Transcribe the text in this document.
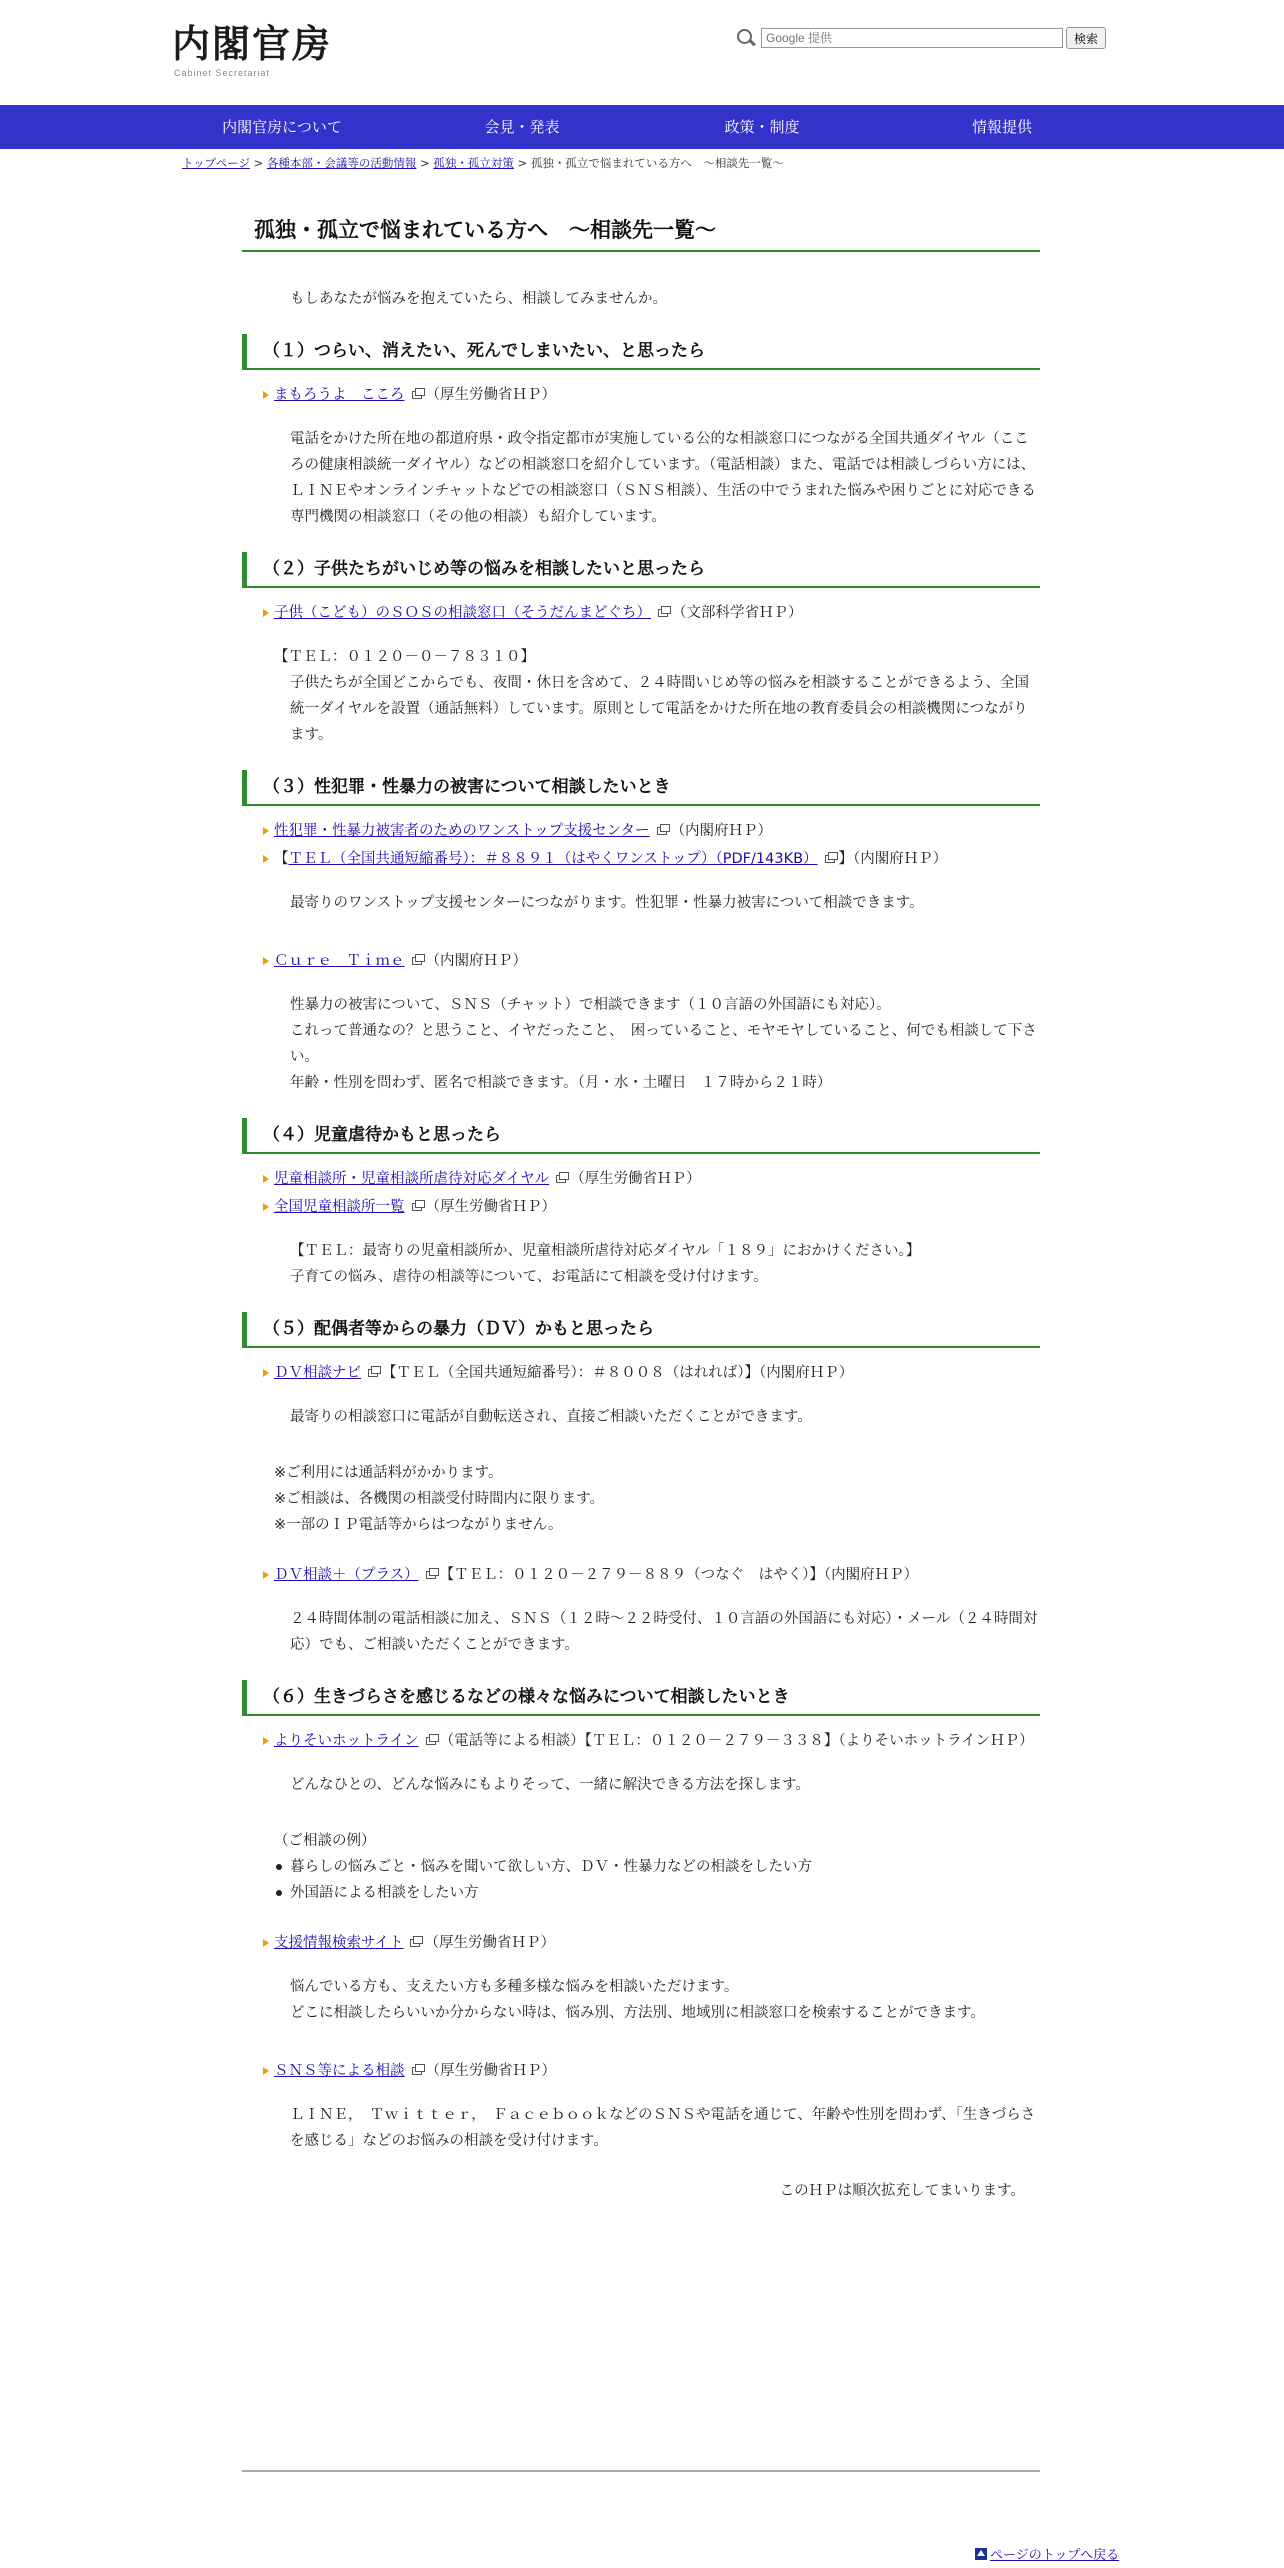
内閣官房
Cabinet Secretariat
Google 提供
検索
内閣官房について	会見・発表	政策・制度	情報提供
トップページ > 各種本部・会議等の活動情報 > 孤独・孤立対策 > 孤独・孤立で悩まれている方へ　～相談先一覧～
孤独・孤立で悩まれている方へ　～相談先一覧～

もしあなたが悩みを抱えていたら、相談してみませんか。

（１）つらい、消えたい、死んでしまいたい、と思ったら
まもろうよ　こころ （厚生労働省ＨＰ）

電話をかけた所在地の都道府県・政令指定都市が実施している公的な相談窓口につながる全国共通ダイヤル（こころの健康相談統一ダイヤル）などの相談窓口を紹介しています。（電話相談）また、電話では相談しづらい方には、ＬＩＮＥやオンラインチャットなどでの相談窓口（ＳＮＳ相談）、生活の中でうまれた悩みや困りごとに対応できる専門機関の相談窓口（その他の相談）も紹介しています。

（２）子供たちがいじめ等の悩みを相談したいと思ったら
子供（こども）のＳＯＳの相談窓口（そうだんまどぐち） （文部科学省ＨＰ）
【ＴＥＬ：０１２０－０－７８３１０】
子供たちが全国どこからでも、夜間・休日を含めて、２４時間いじめ等の悩みを相談することができるよう、全国統一ダイヤルを設置（通話無料）しています。原則として電話をかけた所在地の教育委員会の相談機関につながります。
（３）性犯罪・性暴力の被害について相談したいとき
性犯罪・性暴力被害者のためのワンストップ支援センター （内閣府ＨＰ）
【ＴＥＬ（全国共通短縮番号）：＃８８９１（はやくワンストップ）（PDF/143KB） 】（内閣府ＨＰ）

最寄りのワンストップ支援センターにつながります。性犯罪・性暴力被害について相談できます。

Ｃｕｒｅ　Ｔｉｍｅ （内閣府ＨＰ）
性暴力の被害について、ＳＮＳ（チャット）で相談できます（１０言語の外国語にも対応）。
これって普通なの？と思うこと、イヤだったこと、　困っていること、モヤモヤしていること、何でも相談して下さい。
年齢・性別を問わず、匿名で相談できます。（月・水・土曜日　１７時から２１時）
（４）児童虐待かもと思ったら
児童相談所・児童相談所虐待対応ダイヤル （厚生労働省ＨＰ）
全国児童相談所一覧 （厚生労働省ＨＰ）
【ＴＥＬ：最寄りの児童相談所か、児童相談所虐待対応ダイヤル「１８９」におかけください。】
子育ての悩み、虐待の相談等について、お電話にて相談を受け付けます。
（５）配偶者等からの暴力（ＤＶ）かもと思ったら
ＤＶ相談ナビ 【ＴＥＬ（全国共通短縮番号）：＃８００８（はれれば）】（内閣府ＨＰ）

最寄りの相談窓口に電話が自動転送され、直接ご相談いただくことができます。

※ご利用には通話料がかかります。
※ご相談は、各機関の相談受付時間内に限ります。
※一部のＩＰ電話等からはつながりません。
ＤＶ相談＋（プラス） 【ＴＥＬ：０１２０－２７９－８８９（つなぐ　はやく）】（内閣府ＨＰ）

２４時間体制の電話相談に加え、ＳＮＳ（１２時～２２時受付、１０言語の外国語にも対応）・メール（２４時間対応）でも、ご相談いただくことができます。

（６）生きづらさを感じるなどの様々な悩みについて相談したいとき
よりそいホットライン （電話等による相談）【ＴＥＬ：０１２０－２７９－３３８】（よりそいホットラインＨＰ）

どんなひとの、どんな悩みにもよりそって、一緒に解決できる方法を探します。

（ご相談の例）
暮らしの悩みごと・悩みを聞いて欲しい方、ＤＶ・性暴力などの相談をしたい方
外国語による相談をしたい方
支援情報検索サイト （厚生労働省ＨＰ）
悩んでいる方も、支えたい方も多種多様な悩みを相談いただけます。
どこに相談したらいいか分からない時は、悩み別、方法別、地域別に相談窓口を検索することができます。
ＳＮＳ等による相談 （厚生労働省ＨＰ）

ＬＩＮＥ，　Ｔｗｉｔｔｅｒ，　ＦａｃｅｂｏｏｋなどのＳＮＳや電話を通じて、年齢や性別を問わず、「生きづらさを感じる」などのお悩みの相談を受け付けます。

このＨＰは順次拡充してまいります。

ページのトップへ戻る
